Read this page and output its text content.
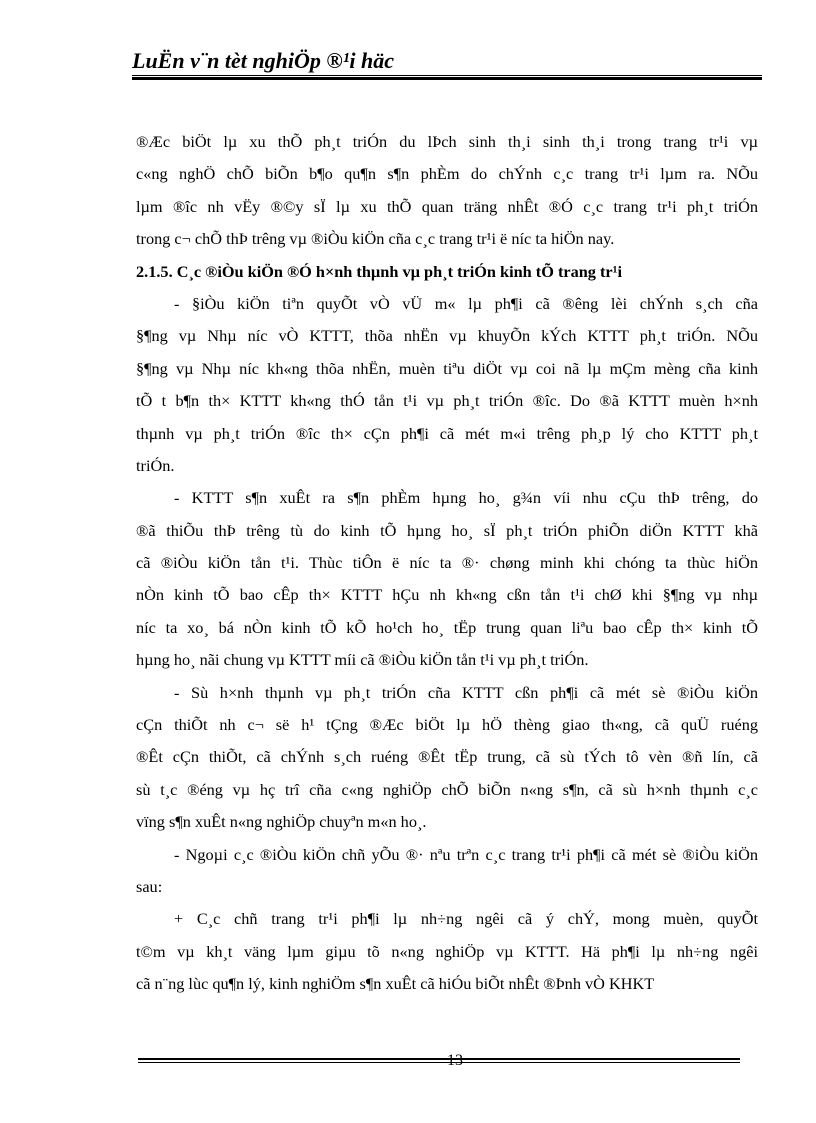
LuËn v¨n tèt nghiÖp ®¹i häc
®Æc biÖt lµ xu thÕ ph¸t triÓn du lÞch sinh th¸i sinh th¸i trong trang tr¹i vµ
c«ng nghÖ chÕ biÕn b¶o qu¶n s¶n phÈm do chÝnh c¸c trang tr¹i lµm ra. NÕu
lµm ®îc nh vËy ®©y sÏ lµ xu thÕ quan träng nhÊt ®Ó c¸c trang tr¹i ph¸t triÓn
trong c¬ chÕ thÞ trêng vµ ®iÒu kiÖn cña c¸c trang tr¹i ë níc ta hiÖn nay.
2.1.5. C¸c ®iÒu kiÖn ®Ó h×nh thµnh vµ ph¸t triÓn kinh tÕ trang tr¹i
- §iÒu kiÖn tiªn quyÕt vÒ vÜ m« lµ ph¶i cã ®êng lèi chÝnh s¸ch cña
§¶ng vµ Nhµ níc vÒ KTTT, thõa nhËn vµ khuyÕn kÝch KTTT ph¸t triÓn. NÕu
§¶ng vµ Nhµ níc kh«ng thõa nhËn, muèn tiªu diÖt vµ coi nã lµ mÇm mèng cña kinh
tÕ t b¶n th× KTTT kh«ng thÓ tån t¹i vµ ph¸t triÓn ®îc. Do ®ã KTTT muèn h×nh
thµnh vµ ph¸t triÓn ®îc th× cÇn ph¶i cã mét m«i trêng ph¸p lý cho KTTT ph¸t
triÓn.
- KTTT s¶n xuÊt ra s¶n phÈm hµng ho¸ g¾n víi nhu cÇu thÞ trêng, do
®ã thiÕu thÞ trêng tù do kinh tÕ hµng ho¸ sÏ ph¸t triÓn phiÕn diÖn KTTT khã
cã ®iÒu kiÖn tån t¹i. Thùc tiÔn ë níc ta ®· chøng minh khi chóng ta thùc hiÖn
nÒn kinh tÕ bao cÊp th× KTTT hÇu nh kh«ng cßn tån t¹i chØ khi §¶ng vµ nhµ
níc ta xo¸ bá nÒn kinh tÕ kÕ ho¹ch ho¸ tËp trung quan liªu bao cÊp th× kinh tÕ
hµng ho¸ nãi chung vµ KTTT míi cã ®iÒu kiÖn tån t¹i vµ ph¸t triÓn.
- Sù h×nh thµnh vµ ph¸t triÓn cña KTTT cßn ph¶i cã mét sè ®iÒu kiÖn
cÇn thiÕt nh c¬ së h¹ tÇng ®Æc biÖt lµ hÖ thèng giao th«ng, cã quÜ ruéng
®Êt cÇn thiÕt, cã chÝnh s¸ch ruéng ®Êt tËp trung, cã sù tÝch tô vèn ®ñ lín, cã
sù t¸c ®éng vµ hç trî cña c«ng nghiÖp chÕ biÕn n«ng s¶n, cã sù h×nh thµnh c¸c
vïng s¶n xuÊt n«ng nghiÖp chuyªn m«n ho¸.
- Ngoµi c¸c ®iÒu kiÖn chñ yÕu ®· nªu trªn c¸c trang tr¹i ph¶i cã mét sè ®iÒu kiÖn
sau:
+ C¸c chñ trang tr¹i ph¶i lµ nh÷ng ngêi cã ý chÝ, mong muèn, quyÕt
t©m vµ kh¸t väng lµm giµu tõ n«ng nghiÖp vµ KTTT. Hä ph¶i lµ nh÷ng ngêi
cã n¨ng lùc qu¶n lý, kinh nghiÖm s¶n xuÊt cã hiÓu biÕt nhÊt ®Þnh vÒ KHKT
13
